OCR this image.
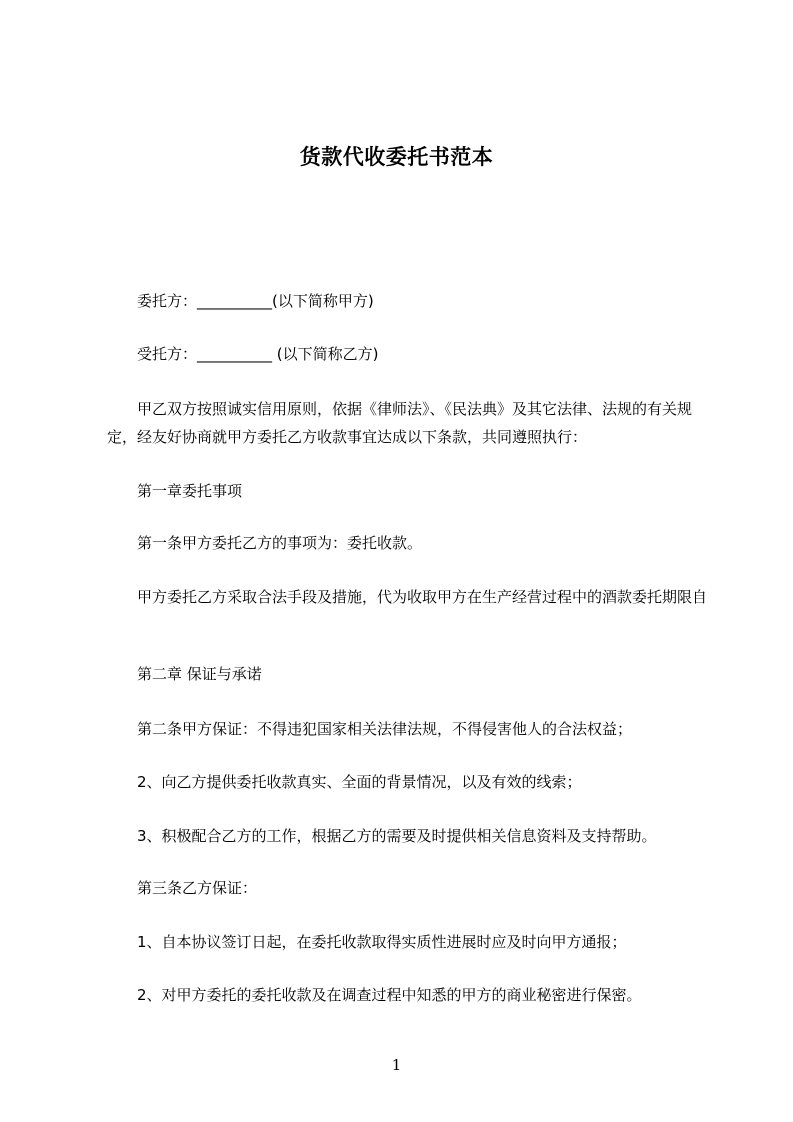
货款代收委托书范本
委托方：__________(以下简称甲方)
受托方：__________ (以下简称乙方)
甲乙双方按照诚实信用原则，依据《律师法》、《民法典》及其它法律、法规的有关规定，经友好协商就甲方委托乙方收款事宜达成以下条款，共同遵照执行：
第一章委托事项
第一条甲方委托乙方的事项为：委托收款。
甲方委托乙方采取合法手段及措施，代为收取甲方在生产经营过程中的酒款委托期限自
第二章 保证与承诺
第二条甲方保证：不得违犯国家相关法律法规，不得侵害他人的合法权益；
2、向乙方提供委托收款真实、全面的背景情况，以及有效的线索；
3、积极配合乙方的工作，根据乙方的需要及时提供相关信息资料及支持帮助。
第三条乙方保证：
1、自本协议签订日起，在委托收款取得实质性进展时应及时向甲方通报；
2、对甲方委托的委托收款及在调查过程中知悉的甲方的商业秘密进行保密。
1
